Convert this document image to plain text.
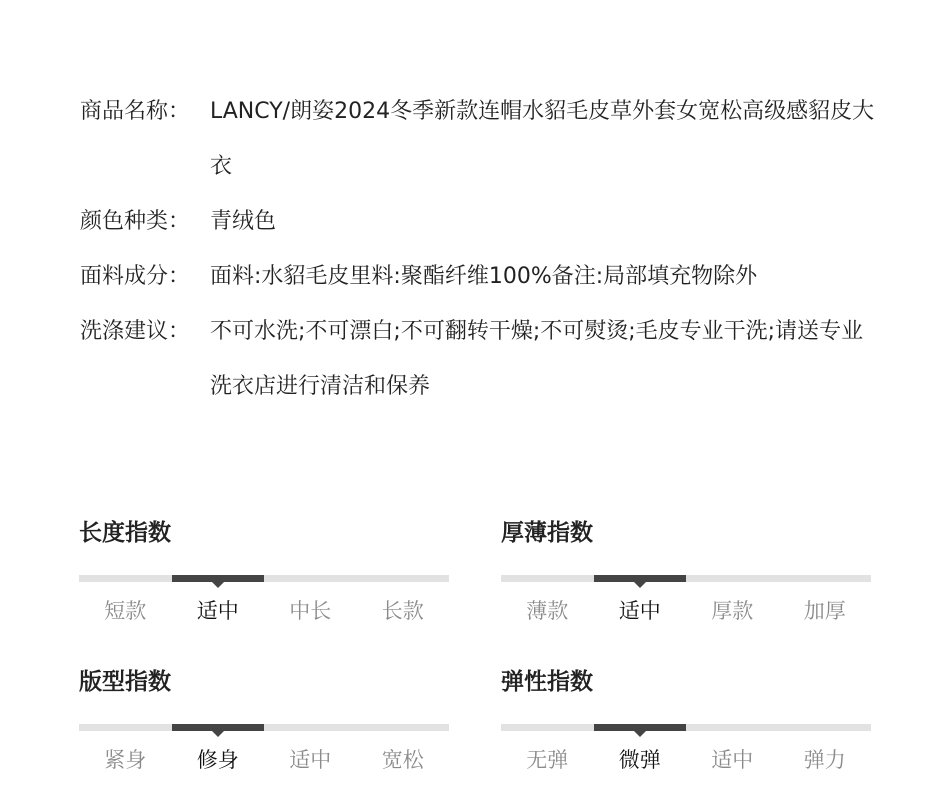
商品名称： LANCY/朗姿2024冬季新款连帽水貂毛皮草外套女宽松高级感貂皮大衣
颜色种类： 青绒色
面料成分： 面料:水貂毛皮里料:聚酯纤维100%备注:局部填充物除外
洗涤建议： 不可水洗;不可漂白;不可翻转干燥;不可熨烫;毛皮专业干洗;请送专业洗衣店进行清洁和保养
长度指数
短款	适中	中长	长款
厚薄指数
薄款	适中	厚款	加厚
版型指数
紧身	修身	适中	宽松
弹性指数
无弹	微弹	适中	弹力
